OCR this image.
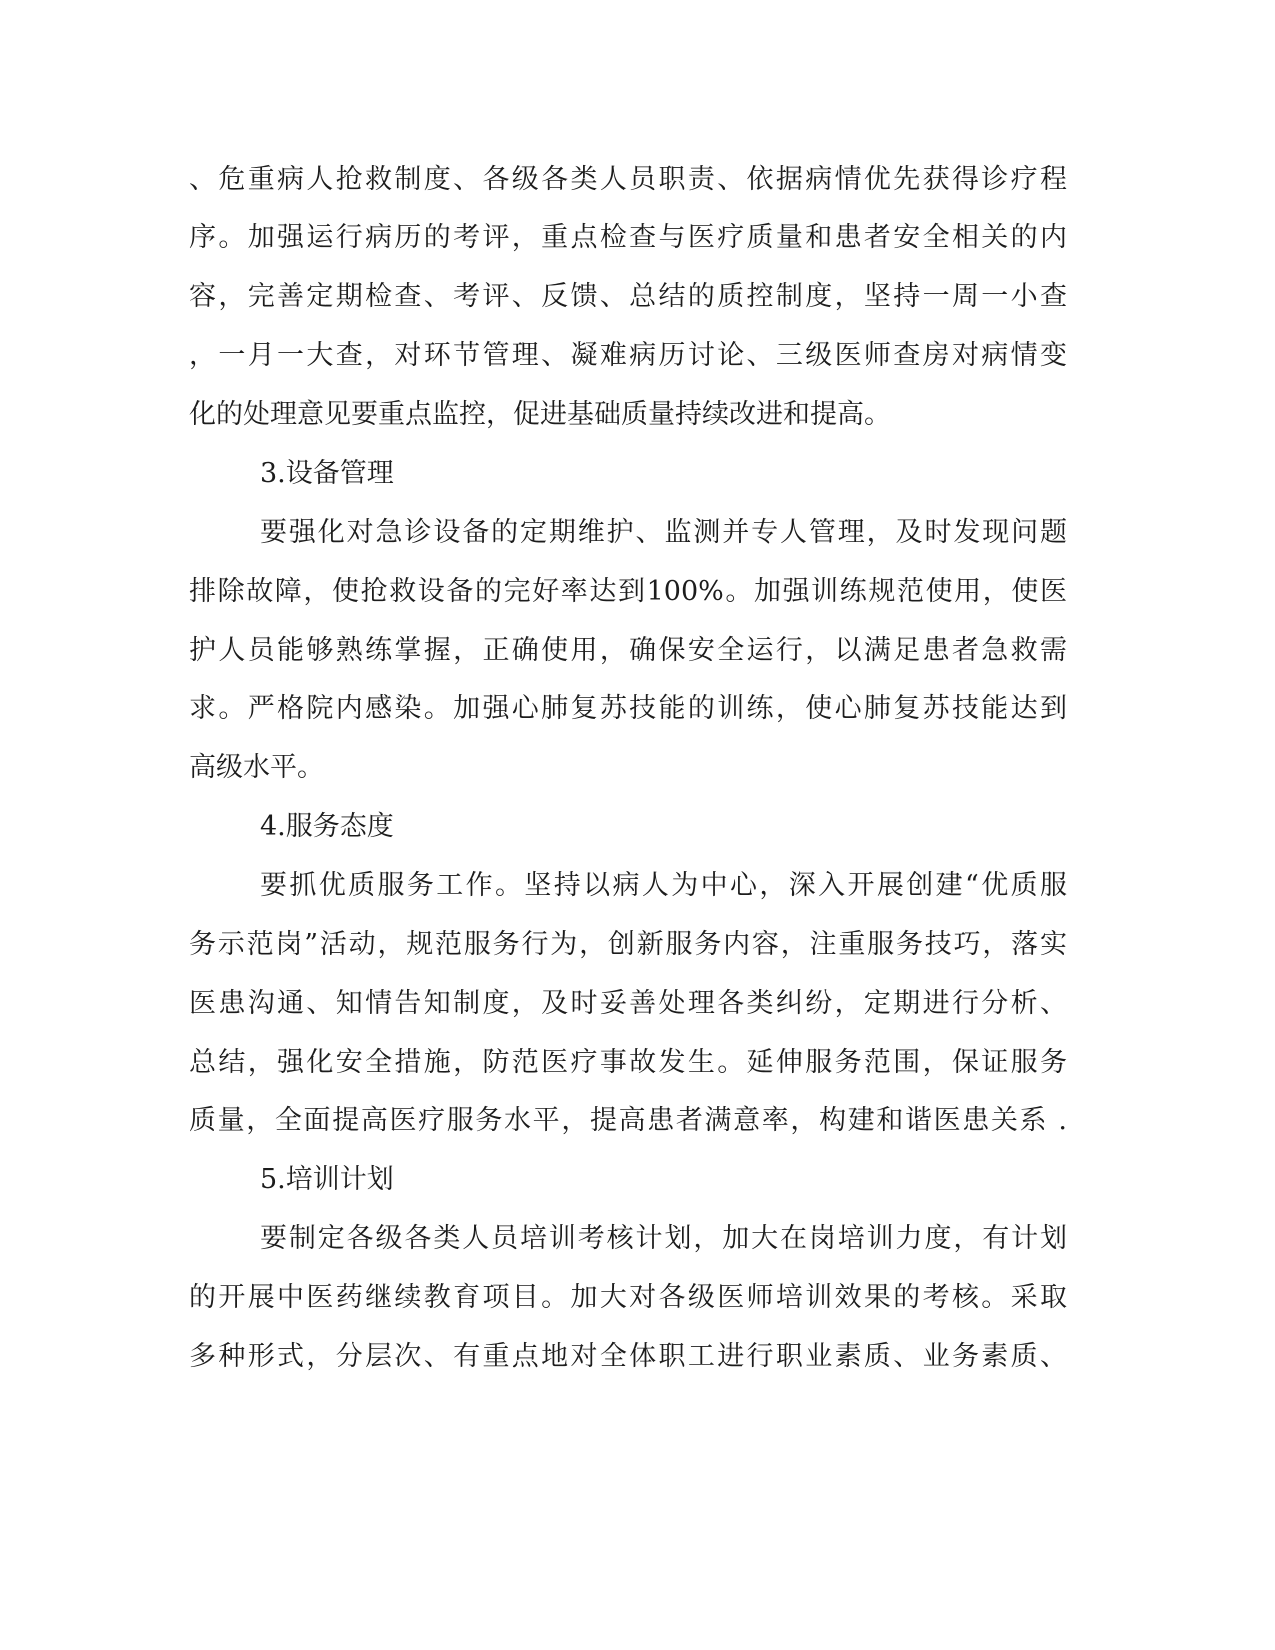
、危重病人抢救制度、各级各类人员职责、依据病情优先获得诊疗程
序。加强运行病历的考评，重点检查与医疗质量和患者安全相关的内
容，完善定期检查、考评、反馈、总结的质控制度，坚持一周一小查
，一月一大查，对环节管理、凝难病历讨论、三级医师查房对病情变
化的处理意见要重点监控，促进基础质量持续改进和提高。
3.设备管理
要强化对急诊设备的定期维护、监测并专人管理，及时发现问题
排除故障，使抢救设备的完好率达到100%。加强训练规范使用，使医
护人员能够熟练掌握，正确使用，确保安全运行，以满足患者急救需
求。严格院内感染。加强心肺复苏技能的训练，使心肺复苏技能达到
高级水平。
4.服务态度
要抓优质服务工作。坚持以病人为中心，深入开展创建“优质服
务示范岗”活动，规范服务行为，创新服务内容，注重服务技巧，落实
医患沟通、知情告知制度，及时妥善处理各类纠纷，定期进行分析、
总结，强化安全措施，防范医疗事故发生。延伸服务范围，保证服务
质量，全面提高医疗服务水平，提高患者满意率，构建和谐医患关系 .
5.培训计划
要制定各级各类人员培训考核计划，加大在岗培训力度，有计划
的开展中医药继续教育项目。加大对各级医师培训效果的考核。采取
多种形式，分层次、有重点地对全体职工进行职业素质、业务素质、
